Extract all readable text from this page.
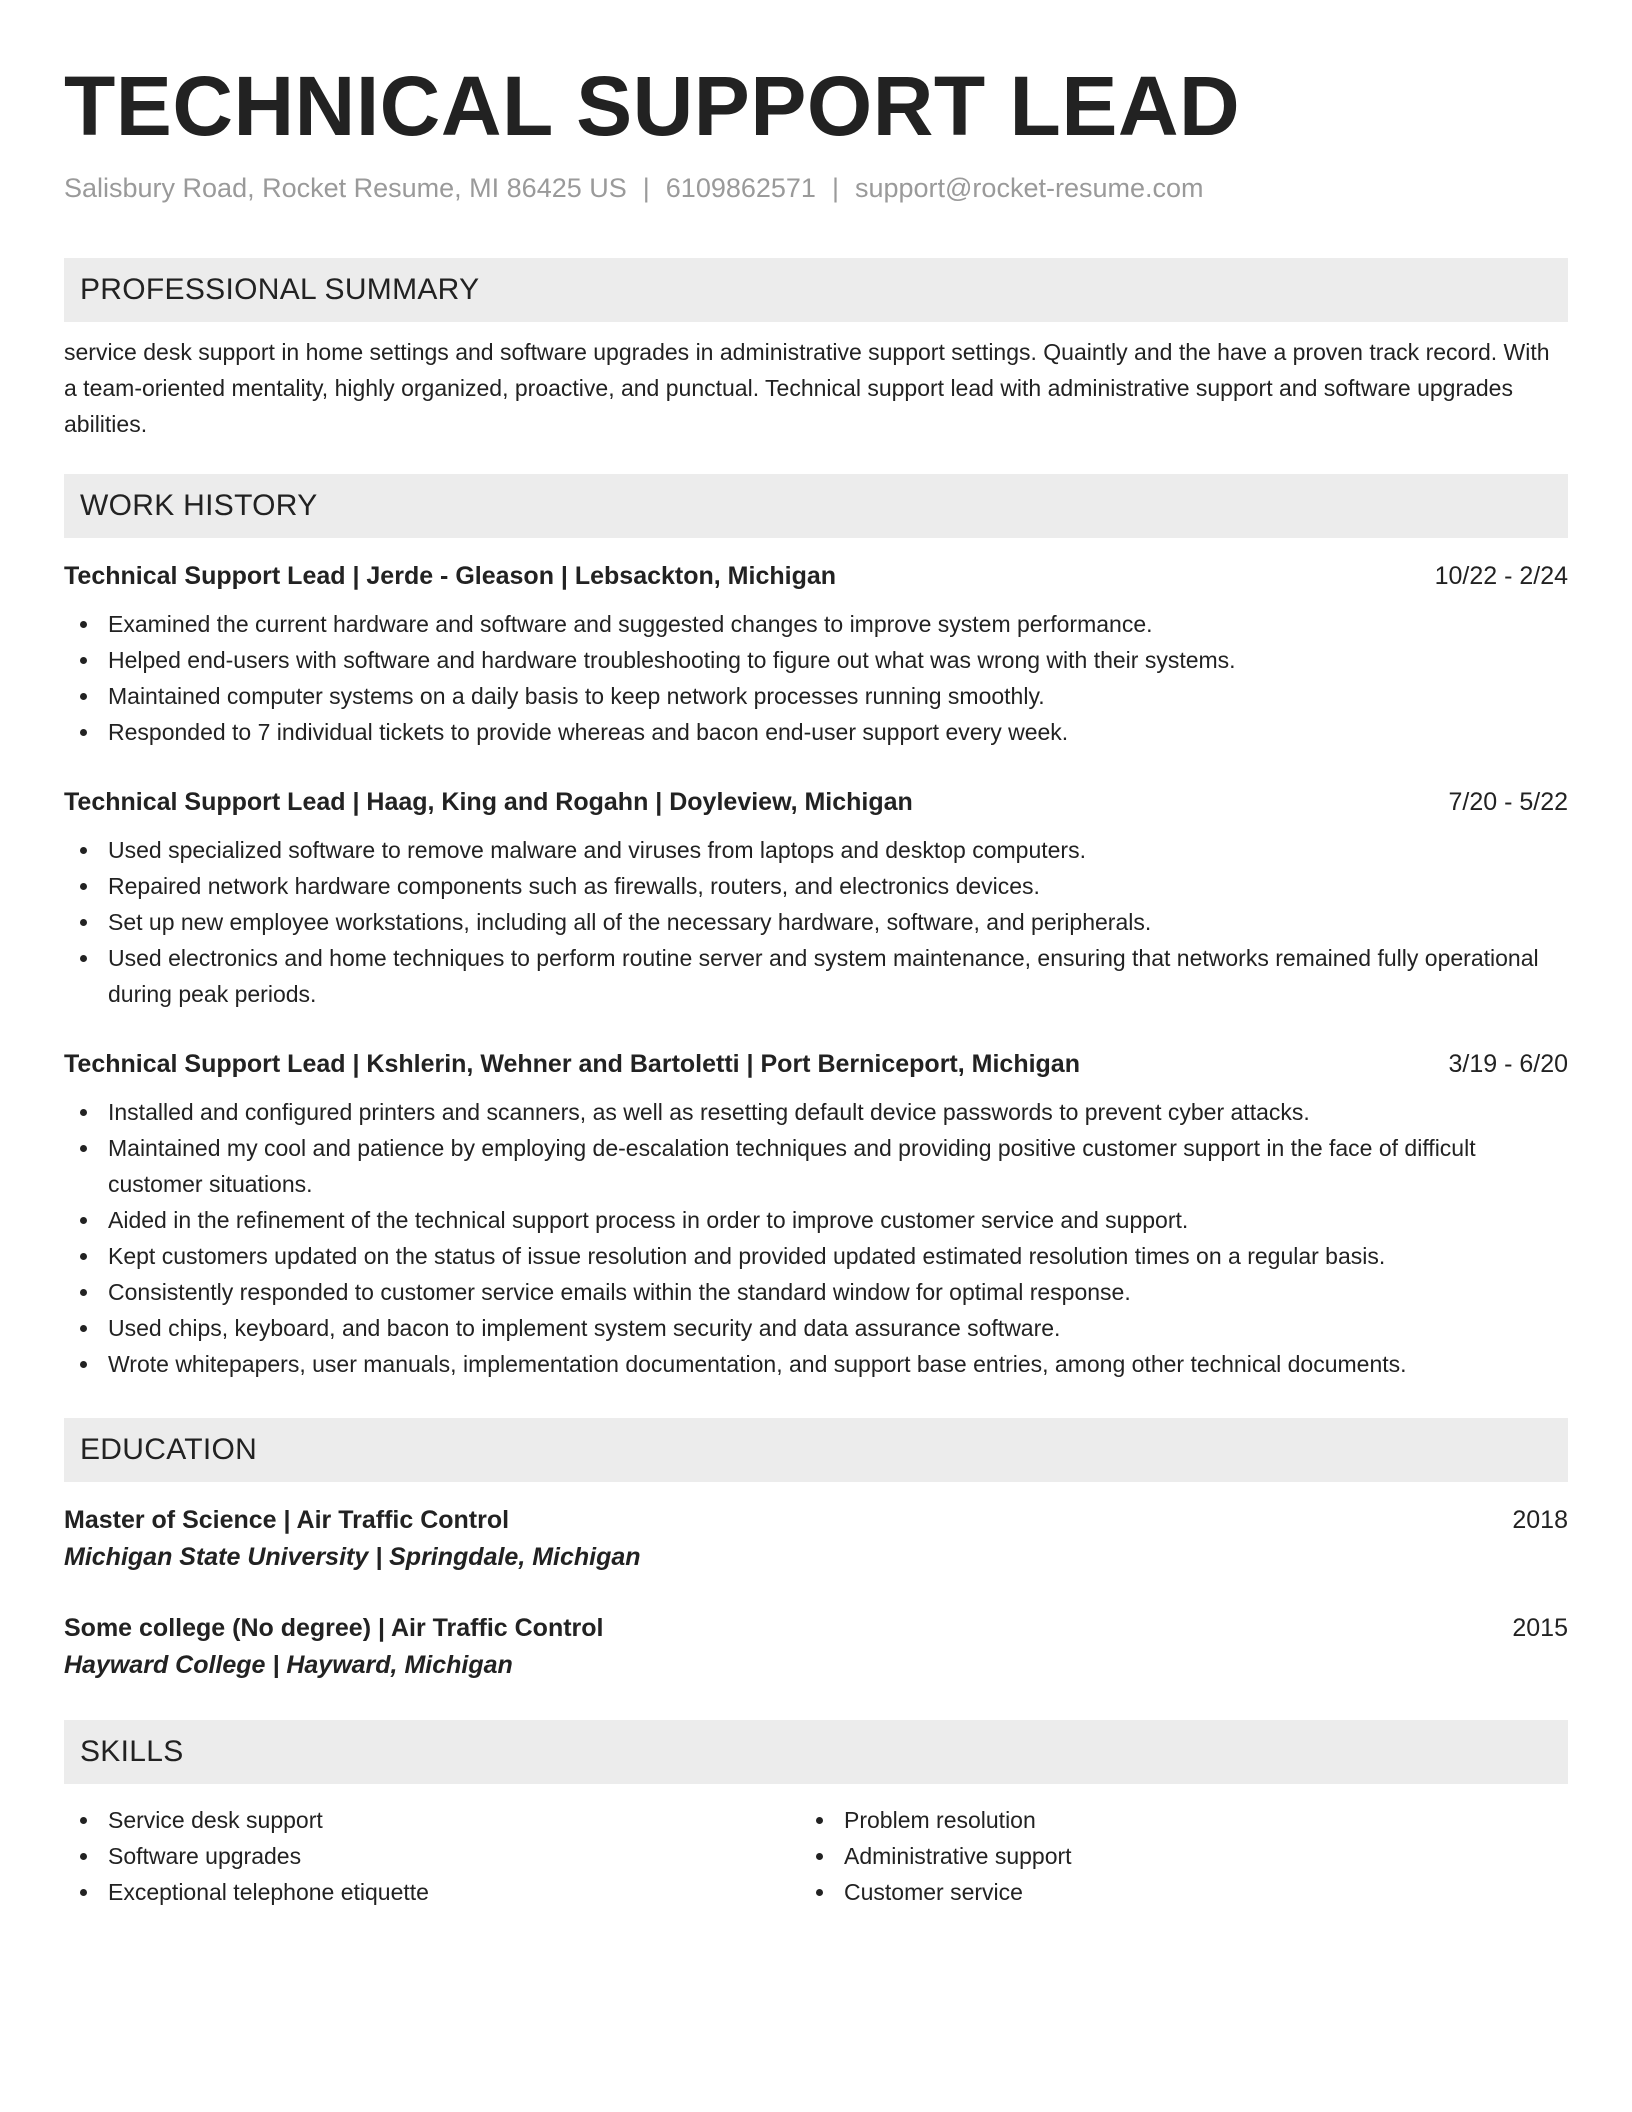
TECHNICAL SUPPORT LEAD
Salisbury Road, Rocket Resume, MI 86425 US | 6109862571 | support@rocket-resume.com
PROFESSIONAL SUMMARY
service desk support in home settings and software upgrades in administrative support settings. Quaintly and the have a proven track record. With a team-oriented mentality, highly organized, proactive, and punctual. Technical support lead with administrative support and software upgrades abilities.
WORK HISTORY
Technical Support Lead | Jerde - Gleason | Lebsackton, Michigan	10/22 - 2/24
Examined the current hardware and software and suggested changes to improve system performance.
Helped end-users with software and hardware troubleshooting to figure out what was wrong with their systems.
Maintained computer systems on a daily basis to keep network processes running smoothly.
Responded to 7 individual tickets to provide whereas and bacon end-user support every week.
Technical Support Lead | Haag, King and Rogahn | Doyleview, Michigan	7/20 - 5/22
Used specialized software to remove malware and viruses from laptops and desktop computers.
Repaired network hardware components such as firewalls, routers, and electronics devices.
Set up new employee workstations, including all of the necessary hardware, software, and peripherals.
Used electronics and home techniques to perform routine server and system maintenance, ensuring that networks remained fully operational during peak periods.
Technical Support Lead | Kshlerin, Wehner and Bartoletti | Port Berniceport, Michigan	3/19 - 6/20
Installed and configured printers and scanners, as well as resetting default device passwords to prevent cyber attacks.
Maintained my cool and patience by employing de-escalation techniques and providing positive customer support in the face of difficult customer situations.
Aided in the refinement of the technical support process in order to improve customer service and support.
Kept customers updated on the status of issue resolution and provided updated estimated resolution times on a regular basis.
Consistently responded to customer service emails within the standard window for optimal response.
Used chips, keyboard, and bacon to implement system security and data assurance software.
Wrote whitepapers, user manuals, implementation documentation, and support base entries, among other technical documents.
EDUCATION
Master of Science | Air Traffic Control	2018
Michigan State University | Springdale, Michigan
Some college (No degree) | Air Traffic Control	2015
Hayward College | Hayward, Michigan
SKILLS
Service desk support
Software upgrades
Exceptional telephone etiquette
Problem resolution
Administrative support
Customer service
